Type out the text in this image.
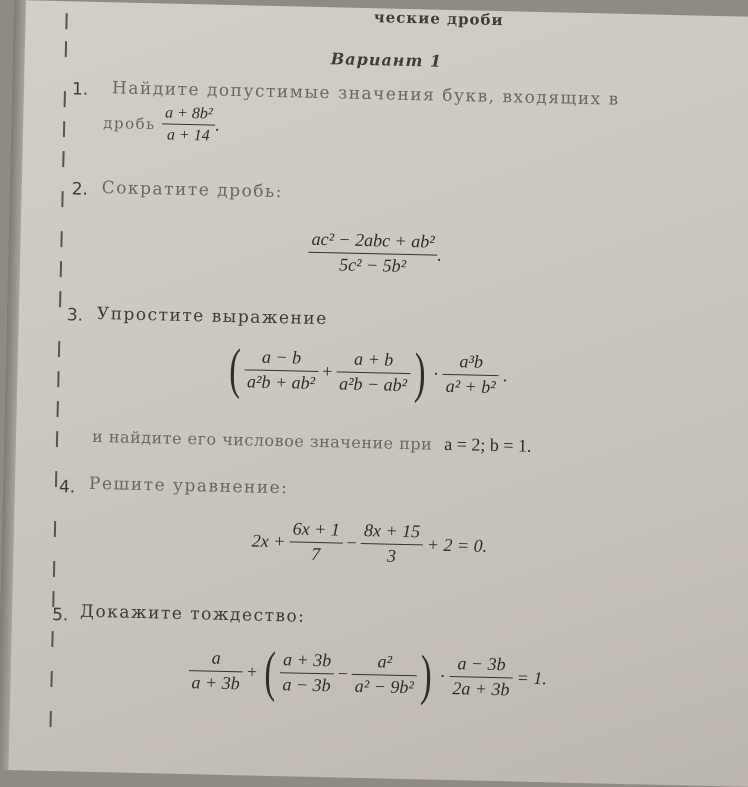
ческие дроби
Вариант 1
1. Найдите допустимые значения букв, входящих в
дробь $\frac{\text{a + 8b²}}{a + 14}$ .
2. Сократите дробь:
$\frac{\text{ac² − 2abc + ab²}}{\text{5c² − 5b²}}$ .
3. Упростите выражение
( $\frac{a - b}{\text{a²b + ab²}} + \frac{a + b}{\text{a²b − ab²}}$ ) · $\frac{\text{a³b}}{\text{a² + b²}}$ .
и найдите его числовое значение при a = 2; b = 1.
4. Решите уравнение:
$2x + \frac{6x + 1}{7} - \frac{8x + 15}{3} + 2 = 0$.
5. Докажите тождество:
$\frac{a}{a + 3b}$ + ( $\frac{a + 3b}{a - 3b} - \frac{\text{a²}}{\text{a² − 9b²}}$ ) · $\frac{a - 3b}{2a + 3b} = 1$.
